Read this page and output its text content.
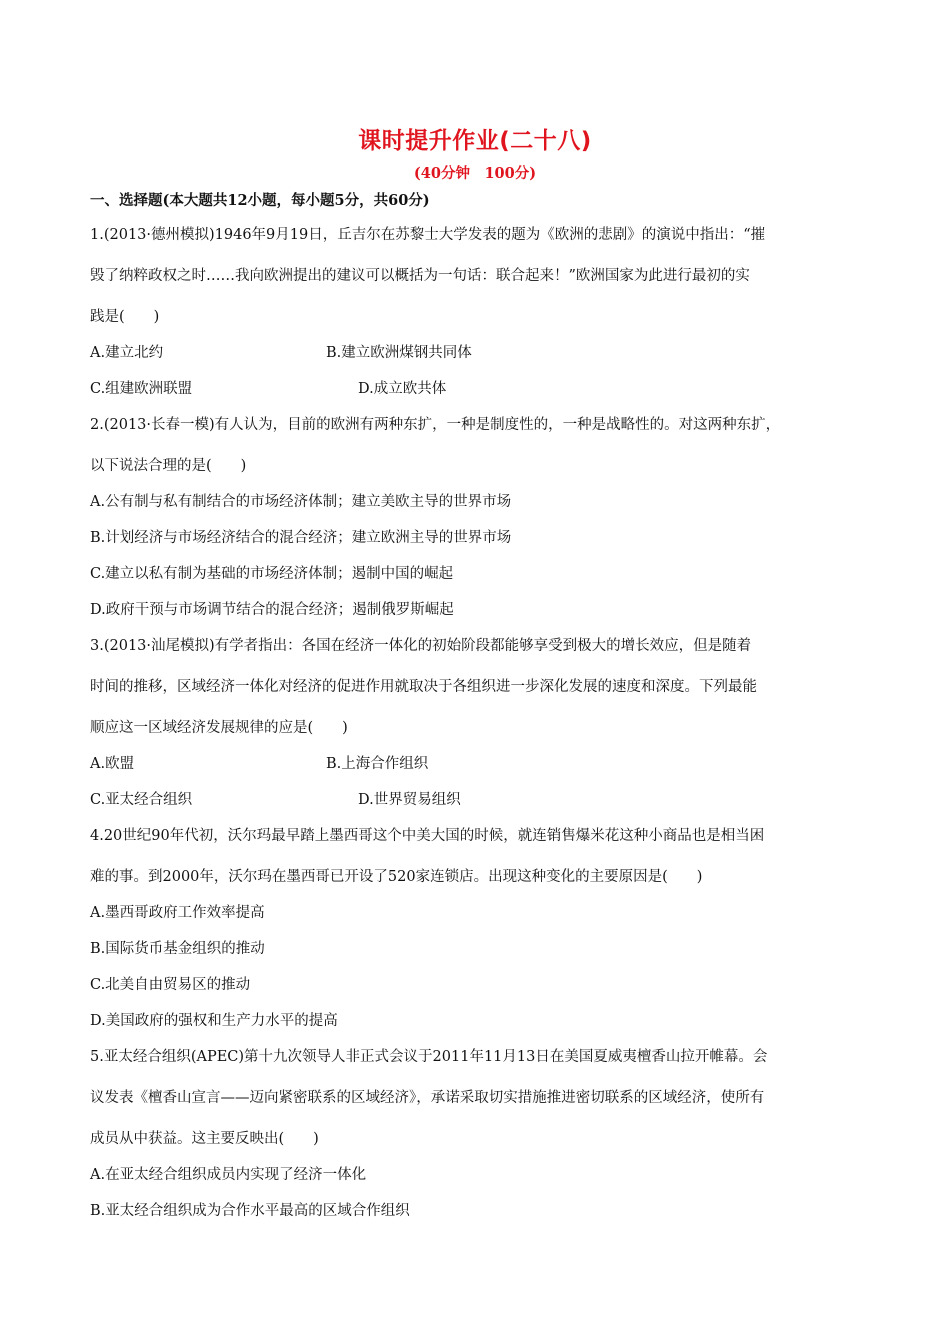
课时提升作业(二十八)
(40分钟　100分)
一、选择题(本大题共12小题，每小题5分，共60分)
1.(2013·德州模拟)1946年9月19日，丘吉尔在苏黎士大学发表的题为《欧洲的悲剧》的演说中指出：“摧
毁了纳粹政权之时……我向欧洲提出的建议可以概括为一句话：联合起来！”欧洲国家为此进行最初的实
践是(　　)
A.建立北约	B.建立欧洲煤钢共同体
C.组建欧洲联盟	D.成立欧共体
2.(2013·长春一模)有人认为，目前的欧洲有两种东扩，一种是制度性的，一种是战略性的。对这两种东扩，
以下说法合理的是(　　)
A.公有制与私有制结合的市场经济体制；建立美欧主导的世界市场
B.计划经济与市场经济结合的混合经济；建立欧洲主导的世界市场
C.建立以私有制为基础的市场经济体制；遏制中国的崛起
D.政府干预与市场调节结合的混合经济；遏制俄罗斯崛起
3.(2013·汕尾模拟)有学者指出：各国在经济一体化的初始阶段都能够享受到极大的增长效应，但是随着
时间的推移，区域经济一体化对经济的促进作用就取决于各组织进一步深化发展的速度和深度。下列最能
顺应这一区域经济发展规律的应是(　　)
A.欧盟	B.上海合作组织
C.亚太经合组织	D.世界贸易组织
4.20世纪90年代初，沃尔玛最早踏上墨西哥这个中美大国的时候，就连销售爆米花这种小商品也是相当困
难的事。到2000年，沃尔玛在墨西哥已开设了520家连锁店。出现这种变化的主要原因是(　　)
A.墨西哥政府工作效率提高
B.国际货币基金组织的推动
C.北美自由贸易区的推动
D.美国政府的强权和生产力水平的提高
5.亚太经合组织(APEC)第十九次领导人非正式会议于2011年11月13日在美国夏威夷檀香山拉开帷幕。会
议发表《檀香山宣言——迈向紧密联系的区域经济》，承诺采取切实措施推进密切联系的区域经济，使所有
成员从中获益。这主要反映出(　　)
A.在亚太经合组织成员内实现了经济一体化
B.亚太经合组织成为合作水平最高的区域合作组织
